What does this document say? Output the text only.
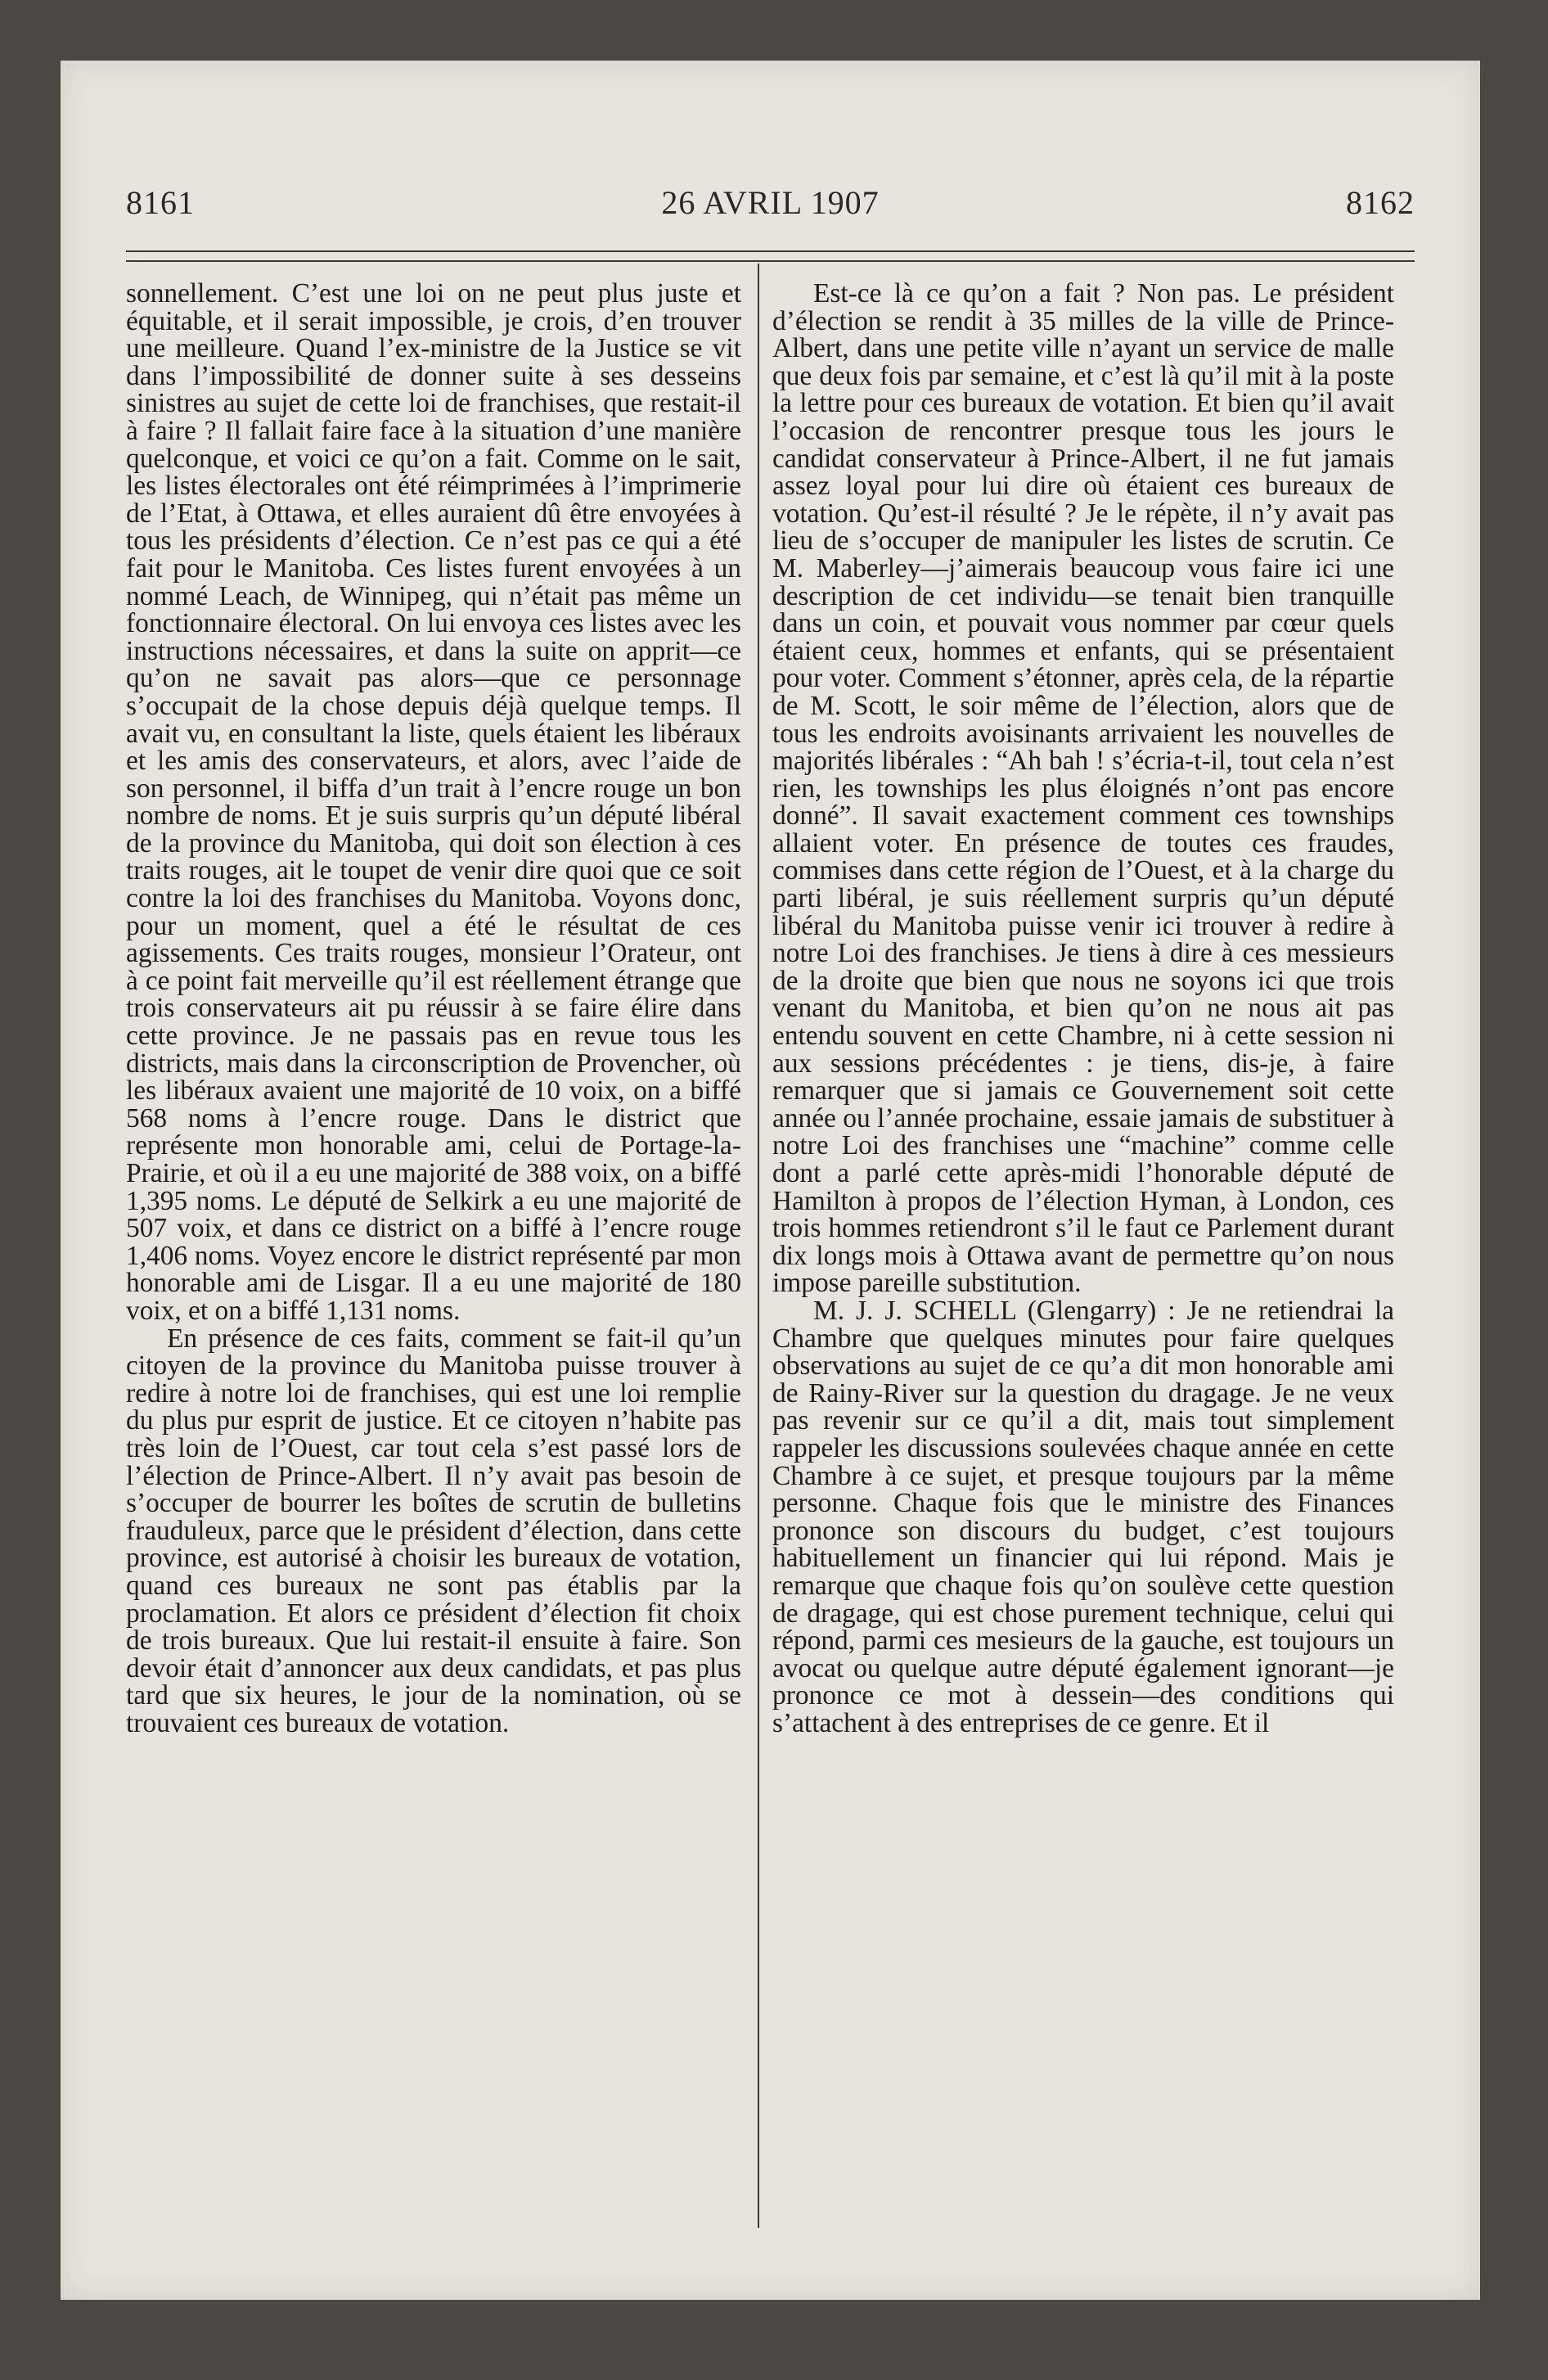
8161	26 AVRIL 1907	8162

sonnellement. C’est une loi on ne peut plus juste et équitable, et il serait impossible, je crois, d’en trouver une meilleure. Quand l’ex-ministre de la Justice se vit dans l’impossibilité de donner suite à ses desseins sinistres au sujet de cette loi de franchises, que restait-il à faire ? Il fallait faire face à la situation d’une manière quelconque, et voici ce qu’on a fait. Comme on le sait, les listes électorales ont été réimprimées à l’imprimerie de l’Etat, à Ottawa, et elles auraient dû être envoyées à tous les présidents d’élection. Ce n’est pas ce qui a été fait pour le Manitoba. Ces listes furent envoyées à un nommé Leach, de Winnipeg, qui n’était pas même un fonctionnaire électoral. On lui envoya ces listes avec les instructions nécessaires, et dans la suite on apprit—ce qu’on ne savait pas alors—que ce personnage s’occupait de la chose depuis déjà quelque temps. Il avait vu, en consultant la liste, quels étaient les libéraux et les amis des conservateurs, et alors, avec l’aide de son personnel, il biffa d’un trait à l’encre rouge un bon nombre de noms. Et je suis surpris qu’un député libéral de la province du Manitoba, qui doit son élection à ces traits rouges, ait le toupet de venir dire quoi que ce soit contre la loi des franchises du Manitoba. Voyons donc, pour un moment, quel a été le résultat de ces agissements. Ces traits rouges, monsieur l’Orateur, ont à ce point fait merveille qu’il est réellement étrange que trois conservateurs ait pu réussir à se faire élire dans cette province. Je ne passais pas en revue tous les districts, mais dans la circonscription de Provencher, où les libéraux avaient une majorité de 10 voix, on a biffé 568 noms à l’encre rouge. Dans le district que représente mon honorable ami, celui de Portage-la-Prairie, et où il a eu une majorité de 388 voix, on a biffé 1,395 noms. Le député de Selkirk a eu une majorité de 507 voix, et dans ce district on a biffé à l’encre rouge 1,406 noms. Voyez encore le district représenté par mon honorable ami de Lisgar. Il a eu une majorité de 180 voix, et on a biffé 1,131 noms.

En présence de ces faits, comment se fait-il qu’un citoyen de la province du Manitoba puisse trouver à redire à notre loi de franchises, qui est une loi remplie du plus pur esprit de justice. Et ce citoyen n’habite pas très loin de l’Ouest, car tout cela s’est passé lors de l’élection de Prince-Albert. Il n’y avait pas besoin de s’occuper de bourrer les boîtes de scrutin de bulletins frauduleux, parce que le président d’élection, dans cette province, est autorisé à choisir les bureaux de votation, quand ces bureaux ne sont pas établis par la proclamation. Et alors ce président d’élection fit choix de trois bureaux. Que lui restait-il ensuite à faire. Son devoir était d’annoncer aux deux candidats, et pas plus tard que six heures, le jour de la nomination, où se trouvaient ces bureaux de votation.

Est-ce là ce qu’on a fait ? Non pas. Le président d’élection se rendit à 35 milles de la ville de Prince-Albert, dans une petite ville n’ayant un service de malle que deux fois par semaine, et c’est là qu’il mit à la poste la lettre pour ces bureaux de votation. Et bien qu’il avait l’occasion de rencontrer presque tous les jours le candidat conservateur à Prince-Albert, il ne fut jamais assez loyal pour lui dire où étaient ces bureaux de votation. Qu’est-il résulté ? Je le répète, il n’y avait pas lieu de s’occuper de manipuler les listes de scrutin. Ce M. Maberley—j’aimerais beaucoup vous faire ici une description de cet individu—se tenait bien tranquille dans un coin, et pouvait vous nommer par cœur quels étaient ceux, hommes et enfants, qui se présentaient pour voter. Comment s’étonner, après cela, de la répartie de M. Scott, le soir même de l’élection, alors que de tous les endroits avoisinants arrivaient les nouvelles de majorités libérales : “Ah bah ! s’écria-t-il, tout cela n’est rien, les townships les plus éloignés n’ont pas encore donné”. Il savait exactement comment ces townships allaient voter. En présence de toutes ces fraudes, commises dans cette région de l’Ouest, et à la charge du parti libéral, je suis réellement surpris qu’un député libéral du Manitoba puisse venir ici trouver à redire à notre Loi des franchises. Je tiens à dire à ces messieurs de la droite que bien que nous ne soyons ici que trois venant du Manitoba, et bien qu’on ne nous ait pas entendu souvent en cette Chambre, ni à cette session ni aux sessions précédentes : je tiens, dis-je, à faire remarquer que si jamais ce Gouvernement soit cette année ou l’année prochaine, essaie jamais de substituer à notre Loi des franchises une “machine” comme celle dont a parlé cette après-midi l’honorable député de Hamilton à propos de l’élection Hyman, à London, ces trois hommes retiendront s’il le faut ce Parlement durant dix longs mois à Ottawa avant de permettre qu’on nous impose pareille substitution.

M. J. J. SCHELL (Glengarry) : Je ne retiendrai la Chambre que quelques minutes pour faire quelques observations au sujet de ce qu’a dit mon honorable ami de Rainy-River sur la question du dragage. Je ne veux pas revenir sur ce qu’il a dit, mais tout simplement rappeler les discussions soulevées chaque année en cette Chambre à ce sujet, et presque toujours par la même personne. Chaque fois que le ministre des Finances prononce son discours du budget, c’est toujours habituellement un financier qui lui répond. Mais je remarque que chaque fois qu’on soulève cette question de dragage, qui est chose purement technique, celui qui répond, parmi ces mesieurs de la gauche, est toujours un avocat ou quelque autre député également ignorant—je prononce ce mot à dessein—des conditions qui s’attachent à des entreprises de ce genre. Et il
